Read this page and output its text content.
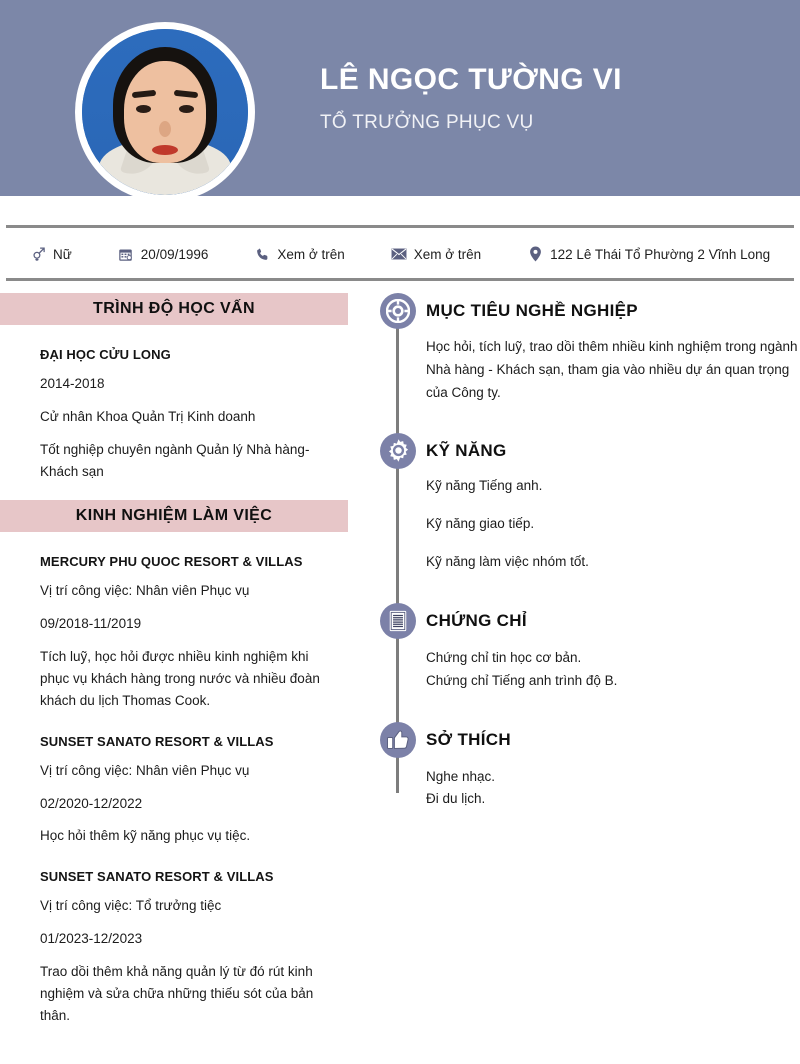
LÊ NGỌC TƯỜNG VI
TỔ TRƯỞNG PHỤC VỤ
Nữ	20/09/1996	Xem ở trên	Xem ở trên	122 Lê Thái Tổ Phường 2 Vĩnh Long
TRÌNH ĐỘ HỌC VẤN
ĐẠI HỌC CỬU LONG
2014-2018
Cử nhân Khoa Quản Trị Kinh doanh
Tốt nghiệp chuyên ngành Quản lý Nhà hàng-Khách sạn
KINH NGHIỆM LÀM VIỆC
MERCURY PHU QUOC RESORT & VILLAS
Vị trí công việc: Nhân viên Phục vụ
09/2018-11/2019
Tích luỹ, học hỏi được nhiều kinh nghiệm khi phục vụ khách hàng trong nước và nhiều đoàn khách du lịch Thomas Cook.
SUNSET SANATO RESORT & VILLAS
Vị trí công việc: Nhân viên Phục vụ
02/2020-12/2022
Học hỏi thêm kỹ năng phục vụ tiệc.
SUNSET SANATO RESORT & VILLAS
Vị trí công việc: Tổ trưởng tiệc
01/2023-12/2023
Trao dồi thêm khả năng quản lý từ đó rút kinh nghiệm và sửa chữa những thiếu sót của bản thân.
MỤC TIÊU NGHỀ NGHIỆP
Học hỏi, tích luỹ, trao dồi thêm nhiều kinh nghiệm trong ngành Nhà hàng - Khách sạn, tham gia vào nhiều dự án quan trọng của Công ty.
KỸ NĂNG
Kỹ năng Tiếng anh.
Kỹ năng giao tiếp.
Kỹ năng làm việc nhóm tốt.
CHỨNG CHỈ
Chứng chỉ tin học cơ bản.
Chứng chỉ Tiếng anh trình độ B.
SỞ THÍCH
Nghe nhạc.
Đi du lịch.
